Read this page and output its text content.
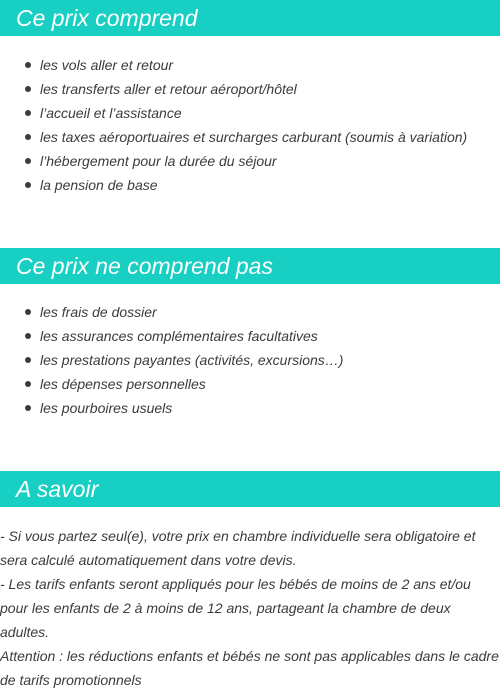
Ce prix comprend
les vols aller et retour
les transferts aller et retour aéroport/hôtel
l’accueil et l’assistance
les taxes aéroportuaires et surcharges carburant (soumis à variation)
l’hébergement pour la durée du séjour
la pension de base
Ce prix ne comprend pas
les frais de dossier
les assurances complémentaires facultatives
les prestations payantes (activités, excursions…)
les dépenses personnelles
les pourboires usuels
A savoir

- Si vous partez seul(e), votre prix en chambre individuelle sera obligatoire et sera calculé automatiquement dans votre devis.

- Les tarifs enfants seront appliqués pour les bébés de moins de 2 ans et/ou pour les enfants de 2 à moins de 12 ans, partageant la chambre de deux adultes.

Attention : les réductions enfants et bébés ne sont pas applicables dans le cadre de tarifs promotionnels
